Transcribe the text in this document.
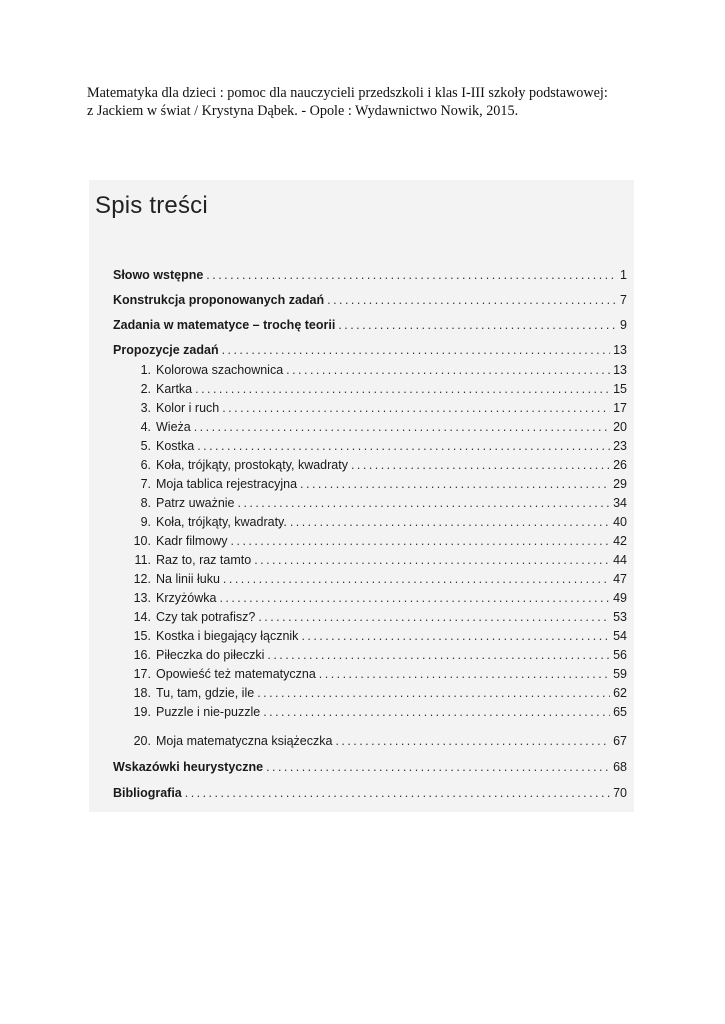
Matematyka dla dzieci : pomoc dla nauczycieli przedszkoli i klas I-III szkoły podstawowej:
z Jackiem w świat / Krystyna Dąbek. - Opole : Wydawnictwo Nowik, 2015.
Spis treści
Słowo wstępne . . .	1
Konstrukcja proponowanych zadań . . .	7
Zadania w matematyce – trochę teorii . . .	9
Propozycje zadań . . .	13
1. Kolorowa szachownica . . .	13
2. Kartka . . .	15
3. Kolor i ruch . . .	17
4. Wieża . . .	20
5. Kostka . . .	23
6. Koła, trójkąty, prostokąty, kwadraty . . .	26
7. Moja tablica rejestracyjna . . .	29
8. Patrz uważnie . . .	34
9. Koła, trójkąty, kwadraty. . . .	40
10. Kadr filmowy . . .	42
11. Raz to, raz tamto . . .	44
12. Na linii łuku . . .	47
13. Krzyżówka . . .	49
14. Czy tak potrafisz? . . .	53
15. Kostka i biegający łącznik . . .	54
16. Piłeczka do piłeczki . . .	56
17. Opowieść też matematyczna . . .	59
18. Tu, tam, gdzie, ile . . .	62
19. Puzzle i nie-puzzle . . .	65
20. Moja matematyczna książeczka . . .	67
Wskazówki heurystyczne . . .	68
Bibliografia . . .	70
